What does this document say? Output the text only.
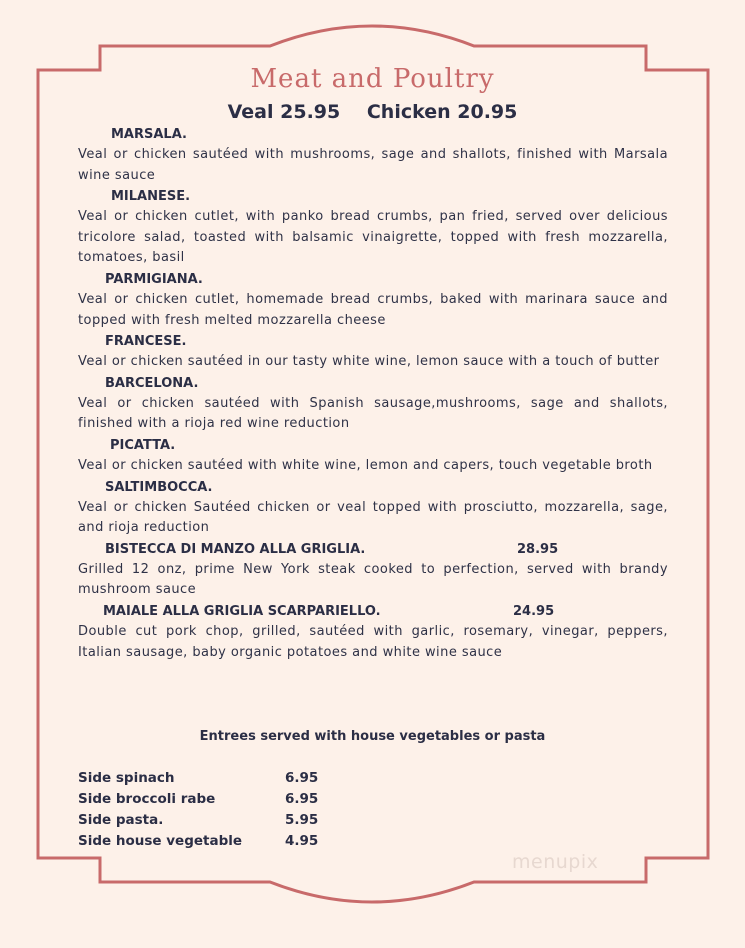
Meat and Poultry
Veal 25.95 Chicken 20.95
MARSALA.
Veal or chicken sautéed with mushrooms, sage and shallots, finished with Marsala wine sauce
MILANESE.
Veal or chicken cutlet, with panko bread crumbs, pan fried, served over delicious tricolore salad, toasted with balsamic vinaigrette, topped with fresh mozzarella, tomatoes, basil
PARMIGIANA.
Veal or chicken cutlet, homemade bread crumbs, baked with marinara sauce and topped with fresh melted mozzarella cheese
FRANCESE.
Veal or chicken sautéed in our tasty white wine, lemon sauce with a touch of butter
BARCELONA.
Veal or chicken sautéed with Spanish sausage,mushrooms, sage and shallots, finished with a rioja red wine reduction
PICATTA.
Veal or chicken sautéed with white wine, lemon and capers, touch vegetable broth
SALTIMBOCCA.
Veal or chicken Sautéed chicken or veal topped with prosciutto, mozzarella, sage, and rioja reduction
BISTECCA DI MANZO ALLA GRIGLIA.	28.95
Grilled 12 onz, prime New York steak cooked to perfection, served with brandy mushroom sauce
MAIALE ALLA GRIGLIA SCARPARIELLO.	24.95
Double cut pork chop, grilled, sautéed with garlic, rosemary, vinegar, peppers, Italian sausage, baby organic potatoes and white wine sauce
Entrees served with house vegetables or pasta
Side spinach	6.95
Side broccoli rabe	6.95
Side pasta.	5.95
Side house vegetable	4.95
menupix
